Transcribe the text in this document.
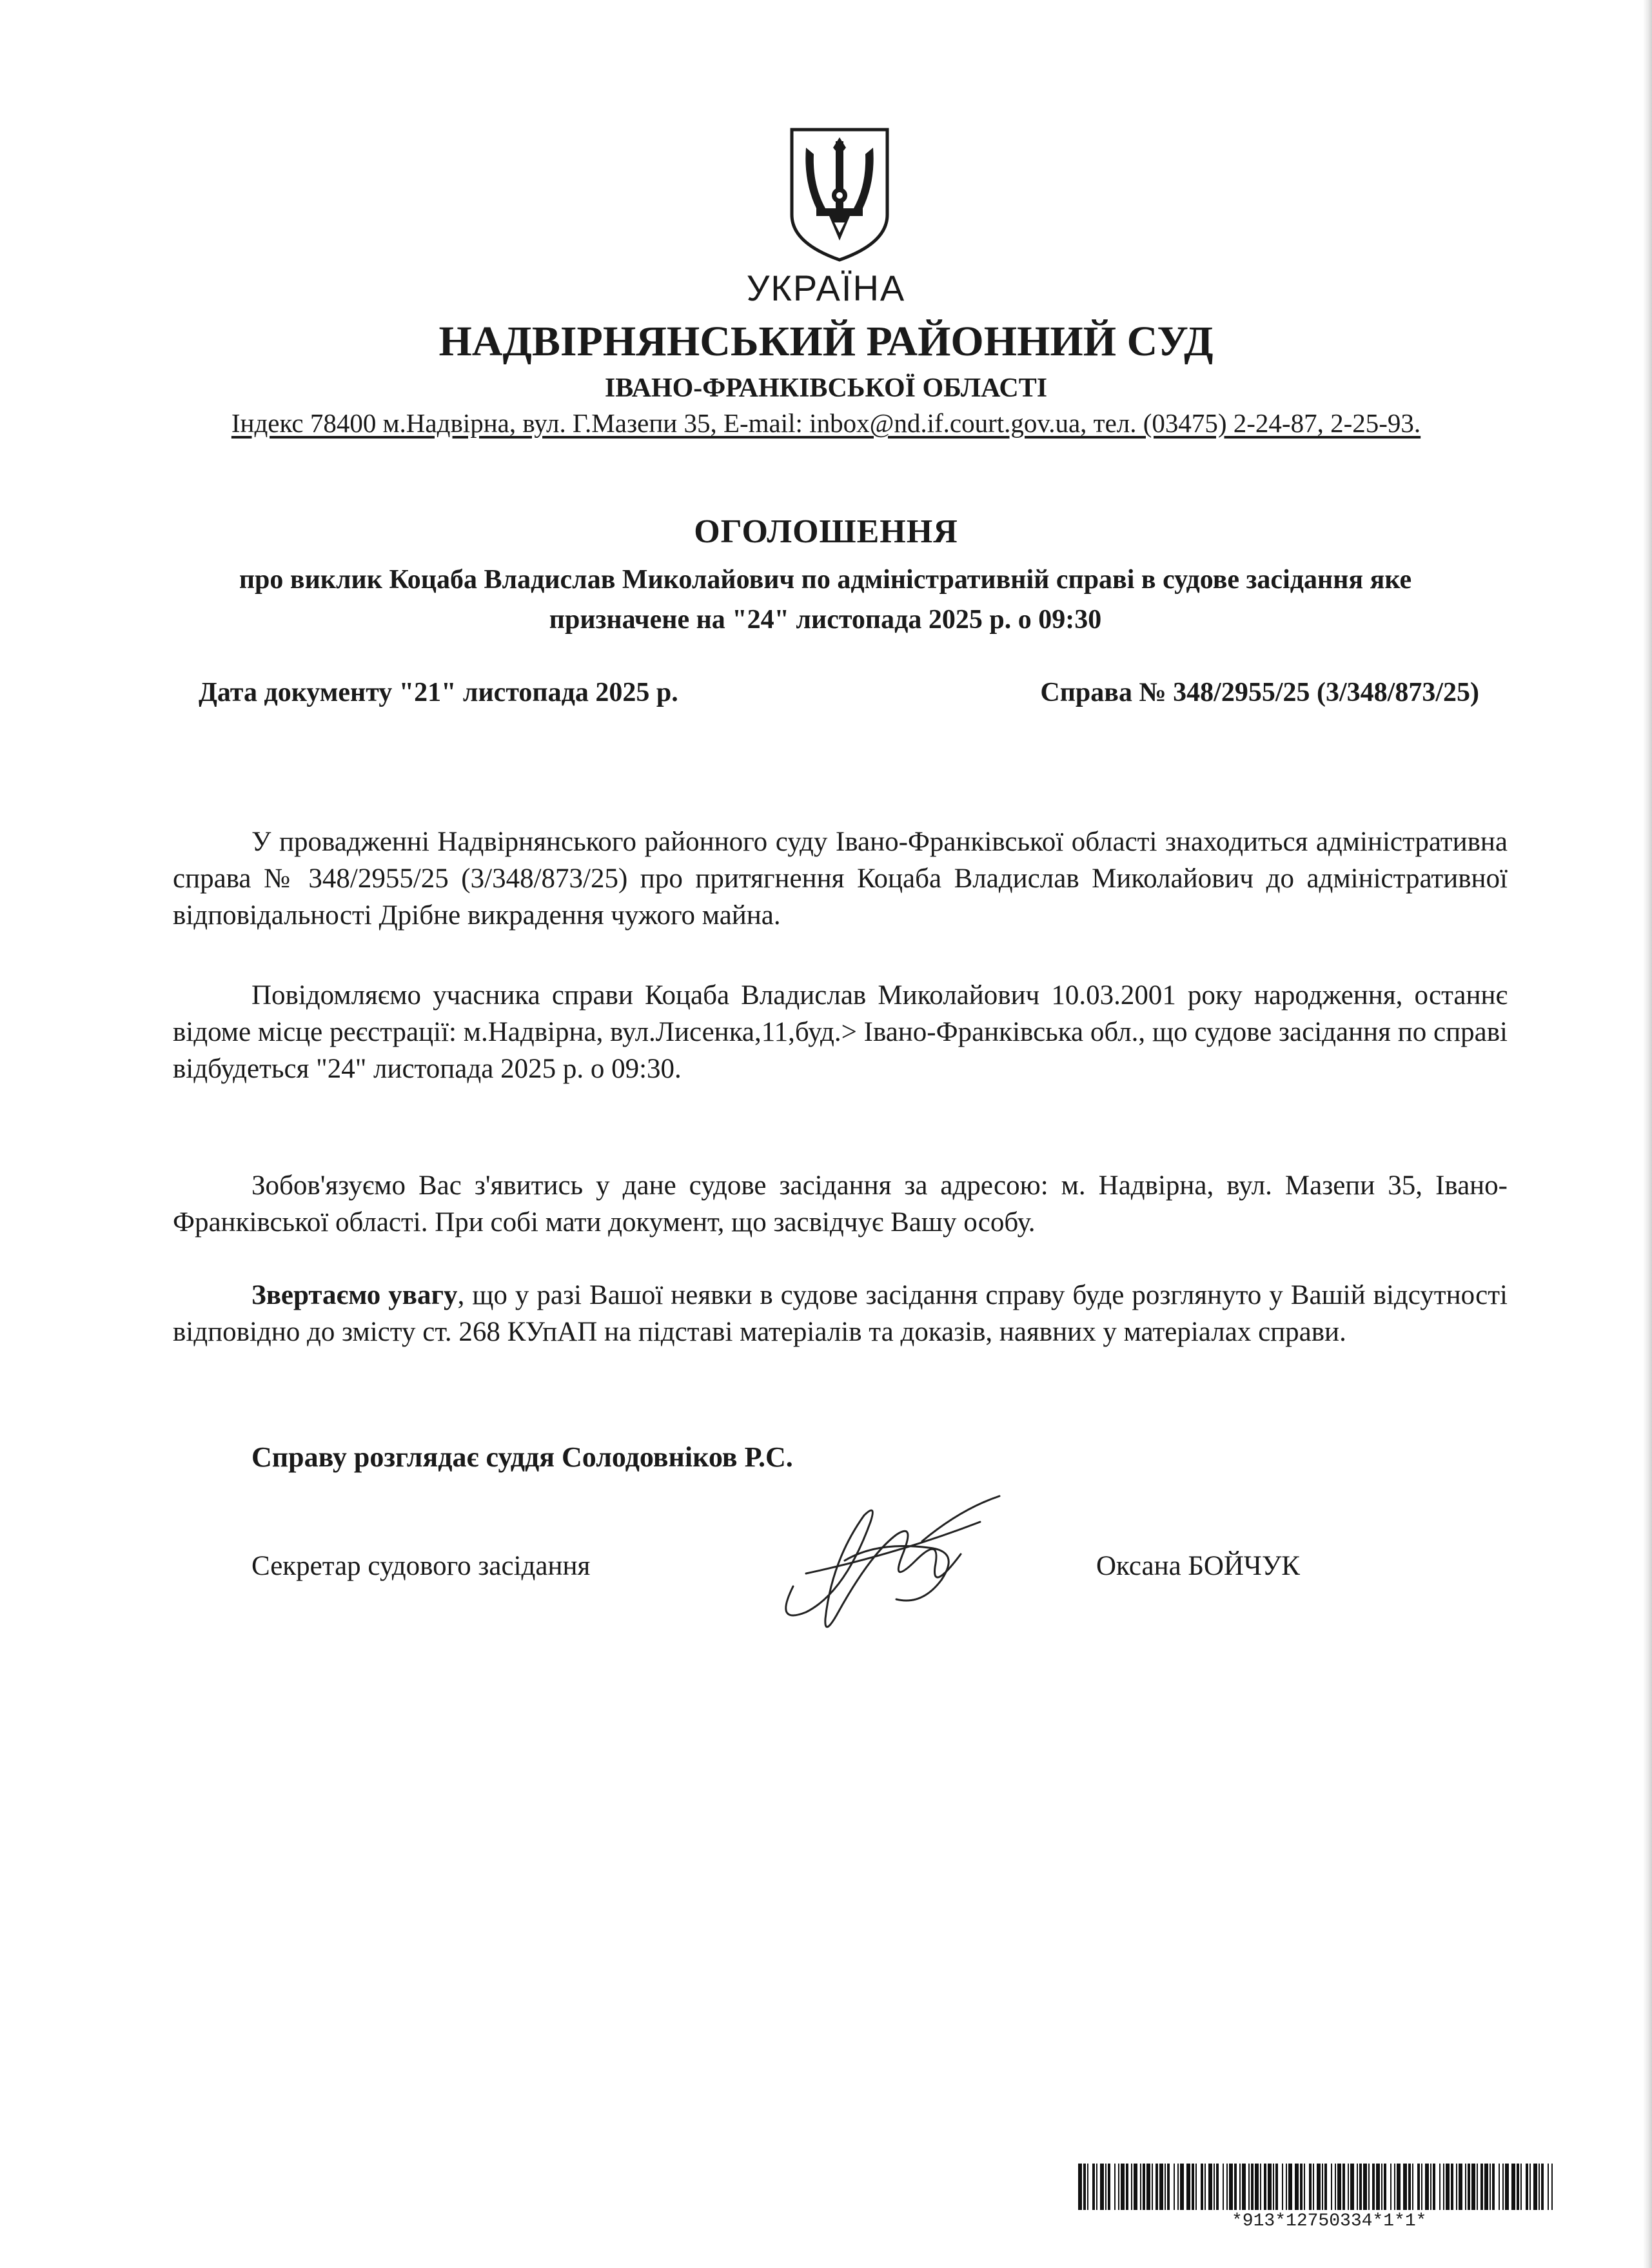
УКРАЇНА
НАДВІРНЯНСЬКИЙ РАЙОННИЙ СУД
ІВАНО-ФРАНКІВСЬКОЇ ОБЛАСТІ
Індекс 78400 м.Надвірна, вул. Г.Мазепи 35, E-mail: inbox@nd.if.court.gov.ua, тел. (03475) 2-24-87, 2-25-93.
ОГОЛОШЕННЯ
про виклик Коцаба Владислав Миколайович по адміністративній справі в судове засідання яке призначене на "24" листопада 2025 р. о 09:30
Дата документу "21" листопада 2025 р.	Справа № 348/2955/25 (3/348/873/25)
У провадженні Надвірнянського районного суду Івано-Франківської області знаходиться адміністративна справа № 348/2955/25 (3/348/873/25) про притягнення Коцаба Владислав Миколайович до адміністративної відповідальності Дрібне викрадення чужого майна.
Повідомляємо учасника справи Коцаба Владислав Миколайович 10.03.2001 року народження, останнє відоме місце реєстрації: м.Надвірна, вул.Лисенка,11,буд.> Івано-Франківська обл., що судове засідання по справі відбудеться "24" листопада 2025 р. о 09:30.
Зобов'язуємо Вас з'явитись у дане судове засідання за адресою: м. Надвірна, вул. Мазепи 35, Івано-Франківської області. При собі мати документ, що засвідчує Вашу особу.
Звертаємо увагу, що у разі Вашої неявки в судове засідання справу буде розглянуто у Вашій відсутності відповідно до змісту ст. 268 КУпАП на підставі матеріалів та доказів, наявних у матеріалах справи.
Справу розглядає суддя Солодовніков Р.С.
Секретар судового засідання	Оксана БОЙЧУК
*913*12750334*1*1*
